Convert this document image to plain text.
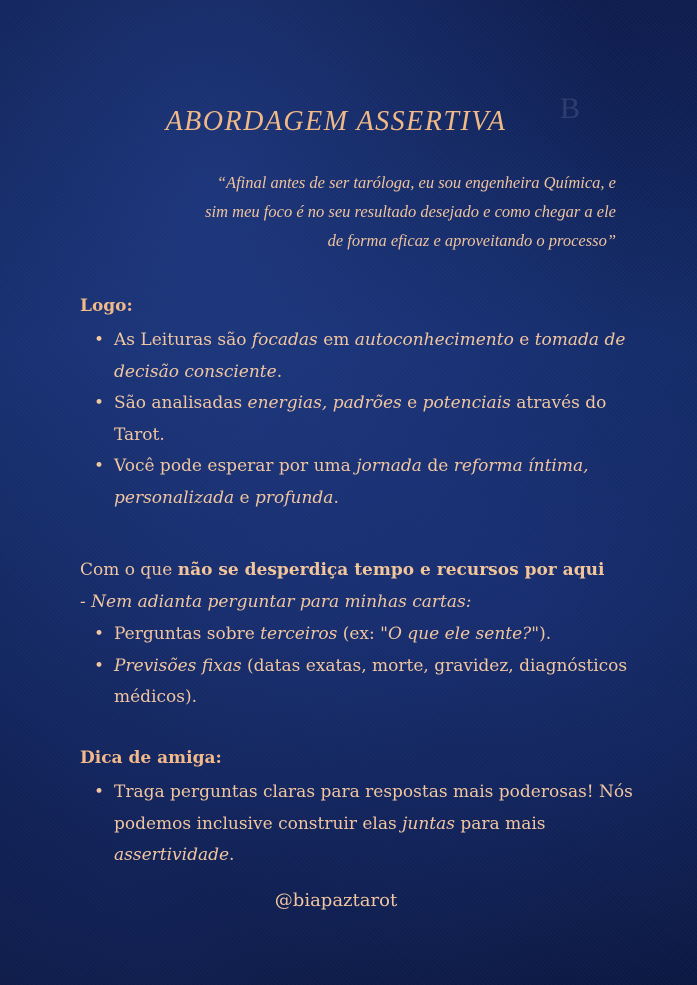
ABORDAGEM ASSERTIVA	B

“Afinal antes de ser taróloga, eu sou engenheira Química, e
sim meu foco é no seu resultado desejado e como chegar a ele
de forma eficaz e aproveitando o processo”

Logo:

• As Leituras são focadas em autoconhecimento e tomada de decisão consciente.
• São analisadas energias, padrões e potenciais através do Tarot.
• Você pode esperar por uma jornada de reforma íntima, personalizada e profunda.

Com o que não se desperdiça tempo e recursos por aqui

- Nem adianta perguntar para minhas cartas:

• Perguntas sobre terceiros (ex: "O que ele sente?").
• Previsões fixas (datas exatas, morte, gravidez, diagnósticos médicos).

Dica de amiga:

• Traga perguntas claras para respostas mais poderosas! Nós podemos inclusive construir elas juntas para mais assertividade.

@biapaztarot
